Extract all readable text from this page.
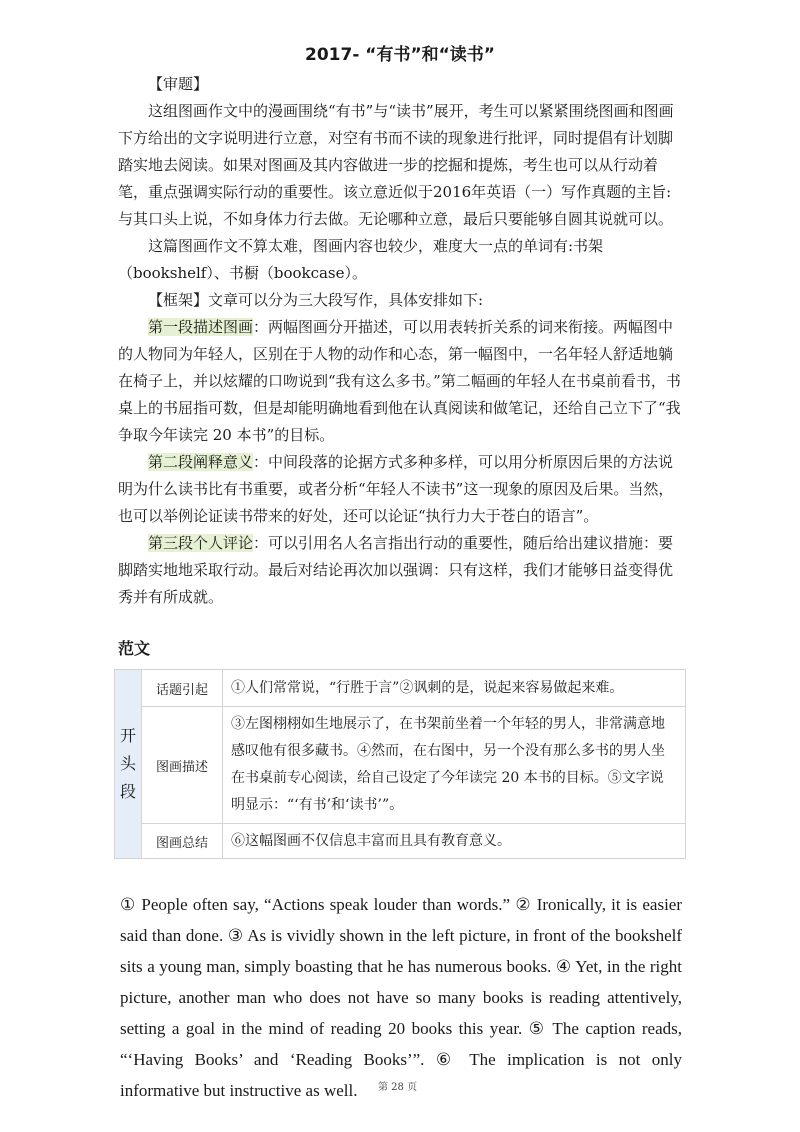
2017- “有书”和“读书”
【审题】
这组图画作文中的漫画围绕“有书”与“读书”展开，考生可以紧紧围绕图画和图画下方给出的文字说明进行立意，对空有书而不读的现象进行批评，同时提倡有计划脚踏实地去阅读。如果对图画及其内容做进一步的挖掘和提炼，考生也可以从行动着笔，重点强调实际行动的重要性。该立意近似于2016年英语（一）写作真题的主旨:与其口头上说，不如身体力行去做。无论哪种立意，最后只要能够自圆其说就可以。
这篇图画作文不算太难，图画内容也较少，难度大一点的单词有:书架（bookshelf）、书橱（bookcase）。
【框架】文章可以分为三大段写作，具体安排如下:
第一段描述图画：两幅图画分开描述，可以用表转折关系的词来衔接。两幅图中的人物同为年轻人，区别在于人物的动作和心态，第一幅图中，一名年轻人舒适地躺在椅子上，并以炫耀的口吻说到“我有这么多书。”第二幅画的年轻人在书桌前看书，书桌上的书屈指可数，但是却能明确地看到他在认真阅读和做笔记，还给自己立下了“我争取今年读完 20 本书”的目标。
第二段阐释意义：中间段落的论据方式多种多样，可以用分析原因后果的方法说明为什么读书比有书重要，或者分析“年轻人不读书”这一现象的原因及后果。当然，也可以举例论证读书带来的好处，还可以论证“执行力大于苍白的语言”。
第三段个人评论：可以引用名人名言指出行动的重要性，随后给出建议措施：要脚踏实地地采取行动。最后对结论再次加以强调：只有这样，我们才能够日益变得优秀并有所成就。
范文
开
头
段	话题引起	①人们常常说，“行胜于言”②讽刺的是，说起来容易做起来难。
	图画描述	③左图栩栩如生地展示了，在书架前坐着一个年轻的男人，非常满意地感叹他有很多藏书。④然而，在右图中，另一个没有那么多书的男人坐在书桌前专心阅读，给自己设定了今年读完 20 本书的目标。⑤文字说明显示：“‘有书’和‘读书’”。
	图画总结	⑥这幅图画不仅信息丰富而且具有教育意义。
① People often say, “Actions speak louder than words.” ② Ironically, it is easier said than done. ③ As is vividly shown in the left picture, in front of the bookshelf sits a young man, simply boasting that he has numerous books. ④ Yet, in the right picture, another man who does not have so many books is reading attentively, setting a goal in the mind of reading 20 books this year. ⑤ The caption reads, “‘Having Books’ and ‘Reading Books’”. ⑥ The implication is not only informative but instructive as well.	第 28 页
